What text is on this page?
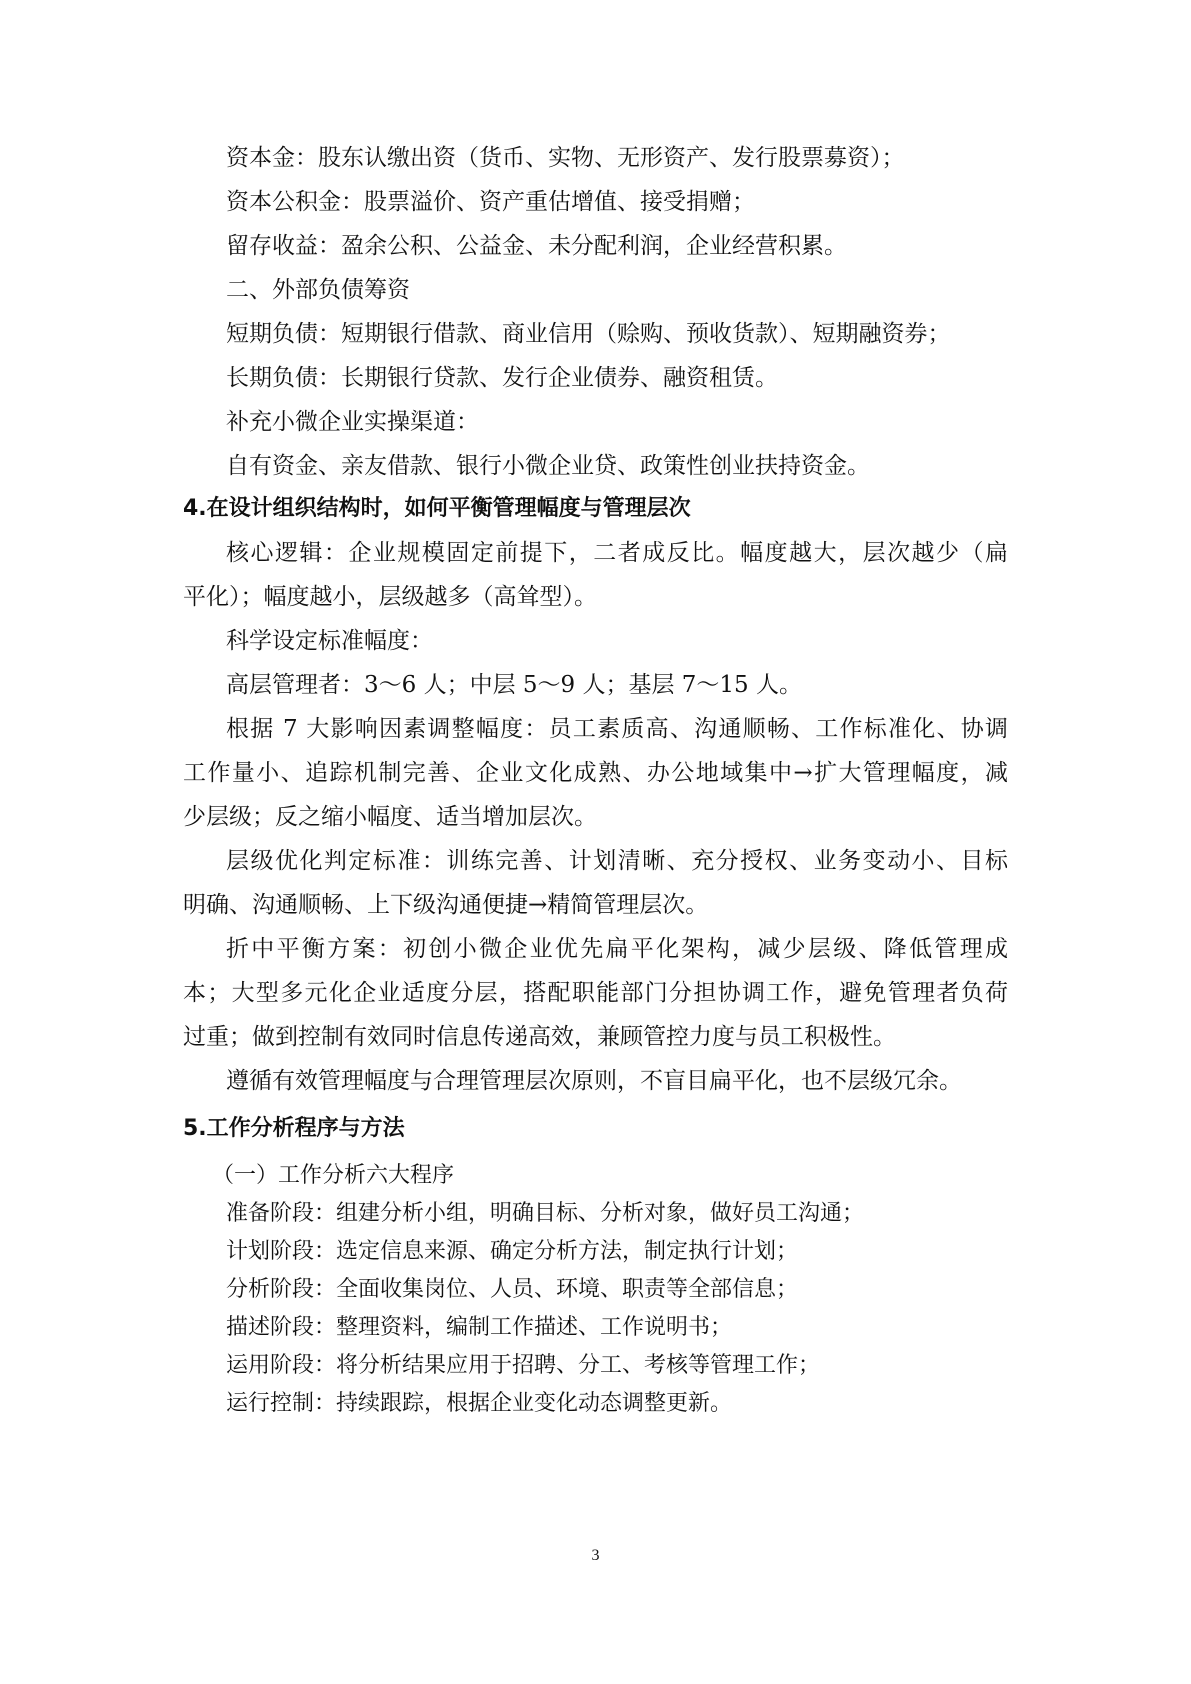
资本金：股东认缴出资（货币、实物、无形资产、发行股票募资）；
资本公积金：股票溢价、资产重估增值、接受捐赠；
留存收益：盈余公积、公益金、未分配利润，企业经营积累。
二、外部负债筹资
短期负债：短期银行借款、商业信用（赊购、预收货款）、短期融资券；
长期负债：长期银行贷款、发行企业债券、融资租赁。
补充小微企业实操渠道：
自有资金、亲友借款、银行小微企业贷、政策性创业扶持资金。
4.在设计组织结构时，如何平衡管理幅度与管理层次
核心逻辑：企业规模固定前提下，二者成反比。幅度越大，层次越少（扁
平化）；幅度越小，层级越多（高耸型）。
科学设定标准幅度：
高层管理者：3～6 人；中层 5～9 人；基层 7～15 人。
根据 7 大影响因素调整幅度：员工素质高、沟通顺畅、工作标准化、协调
工作量小、追踪机制完善、企业文化成熟、办公地域集中→扩大管理幅度，减
少层级；反之缩小幅度、适当增加层次。
层级优化判定标准：训练完善、计划清晰、充分授权、业务变动小、目标
明确、沟通顺畅、上下级沟通便捷→精简管理层次。
折中平衡方案：初创小微企业优先扁平化架构，减少层级、降低管理成
本；大型多元化企业适度分层，搭配职能部门分担协调工作，避免管理者负荷
过重；做到控制有效同时信息传递高效，兼顾管控力度与员工积极性。
遵循有效管理幅度与合理管理层次原则，不盲目扁平化，也不层级冗余。
5.工作分析程序与方法
（一）工作分析六大程序
准备阶段：组建分析小组，明确目标、分析对象，做好员工沟通；
计划阶段：选定信息来源、确定分析方法，制定执行计划；
分析阶段：全面收集岗位、人员、环境、职责等全部信息；
描述阶段：整理资料，编制工作描述、工作说明书；
运用阶段：将分析结果应用于招聘、分工、考核等管理工作；
运行控制：持续跟踪，根据企业变化动态调整更新。
3
